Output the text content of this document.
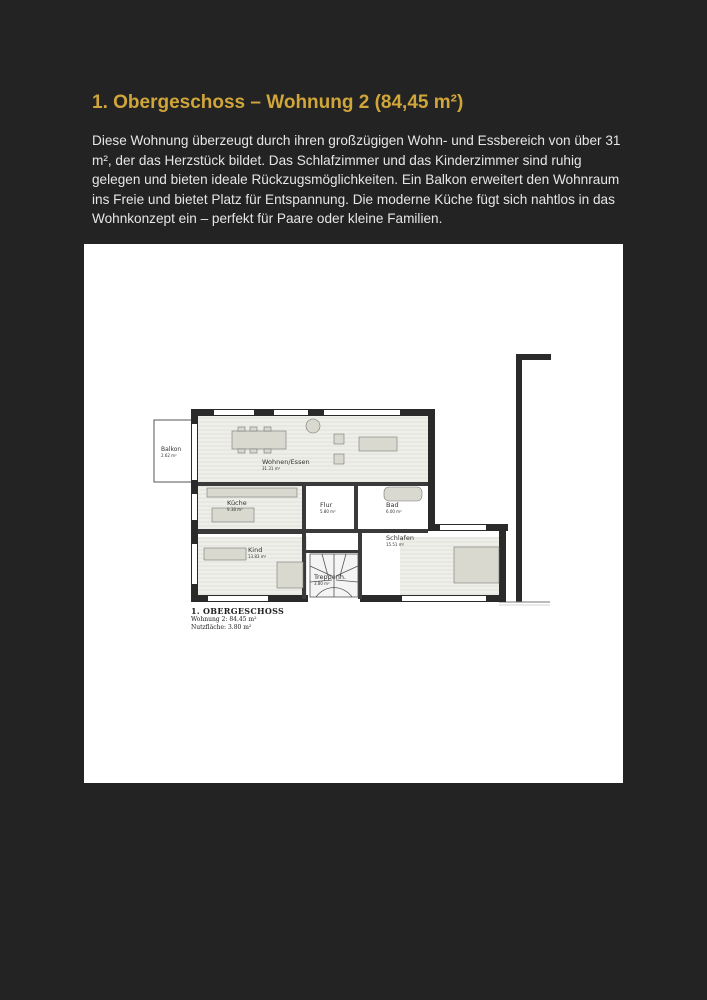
1. Obergeschoss – Wohnung 2 (84,45 m²)

Diese Wohnung überzeugt durch ihren großzügigen Wohn- und Essbereich von über 31 m², der das Herzstück bildet. Das Schlafzimmer und das Kinderzimmer sind ruhig gelegen und bieten ideale Rückzugsmöglichkeiten. Ein Balkon erweitert den Wohnraum ins Freie und bietet Platz für Entspannung. Die moderne Küche fügt sich nahtlos in das Wohnkonzept ein – perfekt für Paare oder kleine Familien.

Balkon
2.62 m²
Wohnen/Essen
31.31 m²
Küche
9.38 m²
Flur
5.80 m²
Bad
6.00 m²
Schlafen
15.51 m²
Kind
13.83 m²
Treppenh.
3.80 m²
1. OBERGESCHOSS
Wohnung 2: 84.45 m²
Nutzfläche: 3.80 m²
